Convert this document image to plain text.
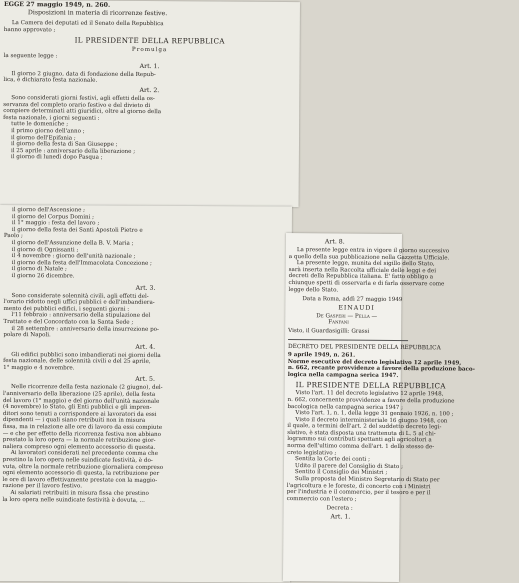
EGGE 27 maggio 1949, n. 260.
Disposizioni in materia di ricorrenze festive.
La Camera dei deputati ed il Senato della Repubblica
hanno approvato ;
IL PRESIDENTE DELLA REPUBBLICA
Promulga
la seguente legge :
Art. 1.
Il giorno 2 giugno, data di fondazione della Repub-
lica, è dichiarato festa nazionale.
Art. 2.
Sono considerati giorni festivi, agli effetti della os-
servanza del completo orario festivo e del divieto di
compiere determinati atti giuridici, oltre al giorno della
festa nazionale, i giorni seguenti :
tutte le domeniche ;
il primo giorno dell'anno ;
il giorno dell'Epifania ;
il giorno della festa di San Giuseppe ;
il 25 aprile : anniversario della liberazione ;
il giorno di lunedì dopo Pasqua ;
il giorno dell'Ascensione ;
il giorno del Corpus Domini ;
il 1° maggio : festa del lavoro ;
il giorno della festa dei Santi Apostoli Pietro e
Paolo ;
il giorno dell'Assunzione della B. V. Maria ;
il giorno di Ognissanti ;
il 4 novembre : giorno dell'unità nazionale ;
il giorno della festa dell'Immacolata Concezione ;
il giorno di Natale ;
il giorno 26 dicembre.
Art. 3.
Sono considerate solennità civili, agli effetti del-
l'orario ridotto negli uffici pubblici e dell'imbandiera-
mento dei pubblici edifici, i seguenti giorni :
l'11 febbraio : anniversario della stipulazione del
Trattato e del Concordato con la Santa Sede ;
il 28 settembre : anniversario della insurrezione po-
polare di Napoli.
Art. 4.
Gli edifici pubblici sono imbandierati nei giorni della
festa nazionale, delle solennità civili e del 25 aprile,
1° maggio e 4 novembre.
Art. 5.
Nelle ricorrenze della festa nazionale (2 giugno), del-
l'anniversario della liberazione (25 aprile), della festa
del lavoro (1° maggio) e del giorno dell'unità nazionale
(4 novembre) lo Stato, gli Enti pubblici e gli impren-
ditori sono tenuti a corrispondere ai lavoratori da essi
dipendenti — i quali siano retribuiti non in misura
fissa, ma in relazione alle ore di lavoro da essi compiute
— e che per effetto della ricorrenza festiva non abbiano
prestato la loro opera — la normale retribuzione gior-
naliera compreso ogni elemento accessorio di questa.
Ai lavoratori considerati nel precedente comma che
prestino la loro opera nelle suindicate festività, è do-
vuta, oltre la normale retribuzione giornaliera compreso
ogni elemento accessorio di questa, la retribuzione per
le ore di lavoro effettivamente prestate con la maggio-
razione per il lavoro festivo.
Ai salariati retribuiti in misura fissa che prestino
la loro opera nelle suindicate festività è dovuta, ...
Art. 8.
La presente legge entra in vigore il giorno successivo
a quello della sua pubblicazione nella Gazzetta Ufficiale.
La presente legge, munita del sigillo dello Stato,
sarà inserta nella Raccolta ufficiale delle leggi e dei
decreti della Repubblica italiana. E' fatto obbligo a
chiunque spetti di osservarla e di farla osservare come
legge dello Stato.
Data a Roma, addì 27 maggio 1949
EINAUDI
De Gasperi — Pella —
Fanfani
Visto, il Guardasigilli: Grassi
DECRETO DEL PRESIDENTE DELLA REPUBBLICA
9 aprile 1949, n. 261.
Norme esecutive del decreto legislativo 12 aprile 1949,
n. 662, recante provvidenze a favore della produzione baco-
logica nella campagna serica 1947.
IL PRESIDENTE DELLA REPUBBLICA
Visto l'art. 11 del decreto legislativo 12 aprile 1948,
n. 662, concernente provvidenze a favore della produzione
bacologica nella campagna serica 1947 ;
Visto l'art. 1, n. 1, della legge 31 gennaio 1926, n. 100 ;
Visto il decreto interministeriale 16 giugno 1948, con
il quale, a termini dell'art. 2 del suddetto decreto legi-
slativo, è stata disposta una trattenuta di L. 5 al chi-
logrammo sui contributi spettanti agli agricoltori a
norma dell'ultimo comma dell'art. 1 dello stesso de-
creto legislativo ;
Sentita la Corte dei conti ;
Udito il parere del Consiglio di Stato ;
Sentito il Consiglio dei Ministri ;
Sulla proposta del Ministro Segretario di Stato per
l'agricoltura e le foreste, di concerto con i Ministri
per l'industria e il commercio, per il tesoro e per il
commercio con l'estero ;
Decreta :
Art. 1.
